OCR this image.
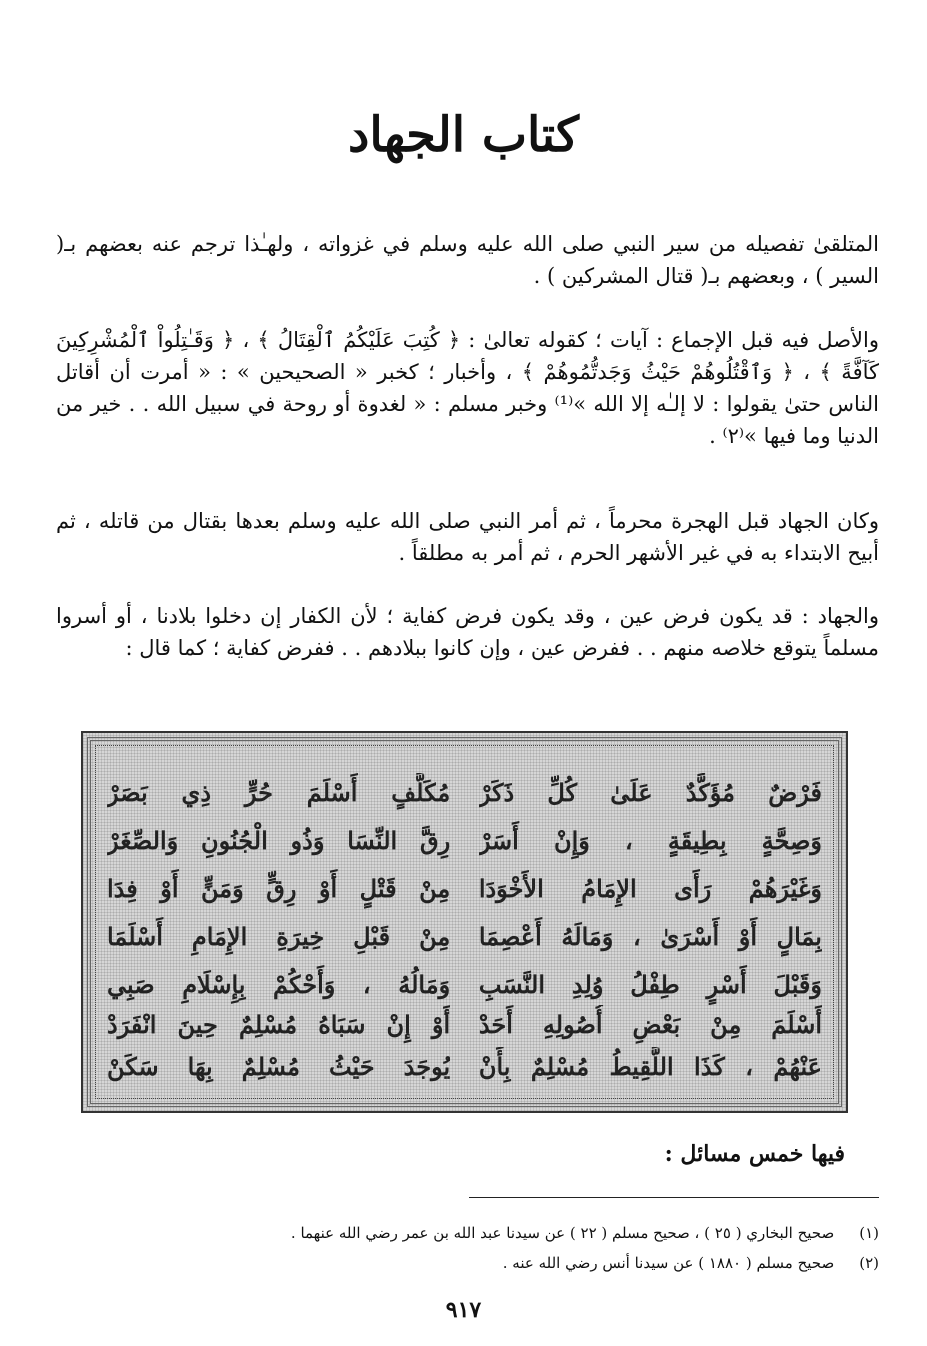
كتاب الجهاد

المتلقىٰ تفصيله من سير النبي صلى الله عليه وسلم في غزواته ، ولهـٰذا ترجم عنه بعضهم بـ( السير ) ، وبعضهم بـ( قتال المشركين ) .

والأصل فيه قبل الإجماع : آيات ؛ كقوله تعالىٰ : ﴿ كُتِبَ عَلَيْكُمُ ٱلْقِتَالُ ﴾ ، ﴿ وَقَـٰتِلُواْ ٱلْمُشْرِكِينَ كَآفَّةً ﴾ ، ﴿ وَٱقْتُلُوهُمْ حَيْثُ وَجَدتُّمُوهُمْ ﴾ ، وأخبار ؛ كخبر « الصحيحين » : « أمرت أن أقاتل الناس حتىٰ يقولوا : لا إلـٰه إلا الله »⁽¹⁾ وخبر مسلم : « لغدوة أو روحة في سبيل الله . . خير من الدنيا وما فيها »⁽٢⁾ .

وكان الجهاد قبل الهجرة محرماً ، ثم أمر النبي صلى الله عليه وسلم بعدها بقتال من قاتله ، ثم أبيح الابتداء به في غير الأشهر الحرم ، ثم أمر به مطلقاً .

والجهاد : قد يكون فرض عين ، وقد يكون فرض كفاية ؛ لأن الكفار إن دخلوا بلادنا ، أو أسروا مسلماً يتوقع خلاصه منهم . . ففرض عين ، وإن كانوا ببلادهم . . ففرض كفاية ؛ كما قال :

فَرْضٌ مُؤَكَّدٌ عَلَىٰ كُلِّ ذَكَرْ
مُكَلَّفٍ أَسْلَمَ حُرٍّ ذِي بَصَرْ
وَصِحَّةٍ بِطِيقَةٍ ، وَإِنْ أَسَرْ
رِقَّ النِّسَا وَذُو الْجُنُونِ وَالصِّغَرْ
وَغَيْرَهُمْ رَأَى الإِمَامُ الأَخْوَدَا
مِنْ قَتْلٍ أَوْ رِقٍّ وَمَنٍّ أَوْ فِدَا
بِمَالٍ أَوْ أَسْرَىٰ ، وَمَالَهُ أَعْصِمَا
مِنْ قَبْلِ خِيرَةِ الإِمَامِ أَسْلَمَا
وَقَبْلَ أَسْرٍ طِفْلُ وُلِدِ النَّسَبِ
وَمَالُهُ ، وَأَحْكُمْ بِإِسْلَامِ صَبِي
أَسْلَمَ مِنْ بَعْضِ أُصُولِهِ أَحَدْ
أَوْ إِنْ سَبَاهُ مُسْلِمٌ حِينَ انْفَرَدْ
عَنْهُمْ ، كَذَا اللَّقِيطُ مُسْلِمٌ بِأَنْ
يُوجَدَ حَيْثُ مُسْلِمٌ بِهَا سَكَنْ
فيها خمس مسائل :
(١) صحيح البخاري ( ٢٥ ) ، صحيح مسلم ( ٢٢ ) عن سيدنا عبد الله بن عمر رضي الله عنهما .
(٢) صحيح مسلم ( ١٨٨٠ ) عن سيدنا أنس رضي الله عنه .
٩١٧
